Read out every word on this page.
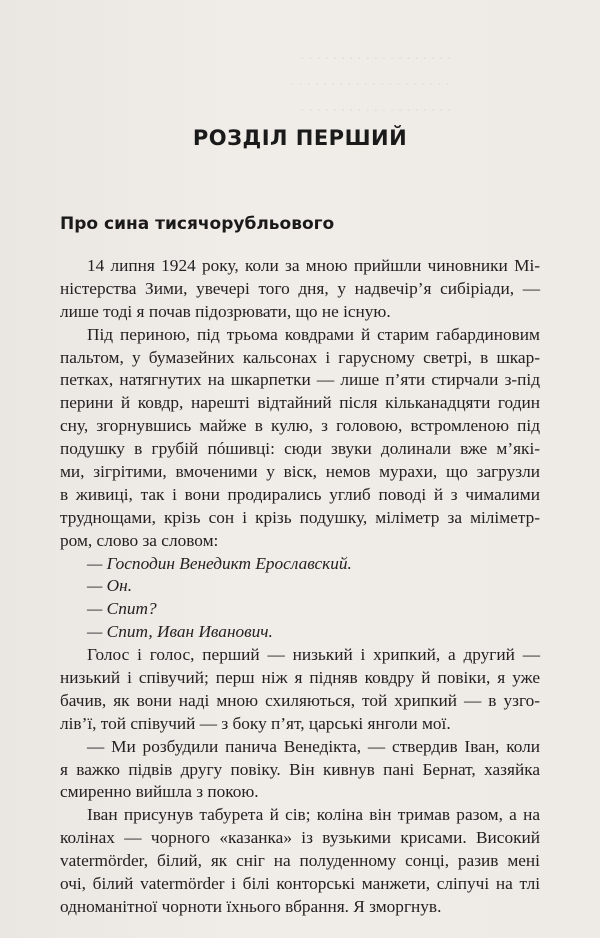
· · · · · · · · · · · · · · · · · · ·
· · · · · · · · · · · · · · · · · · · ·
· · · · · · · · · · · · · · · · · · ·
РОЗДІЛ ПЕРШИЙ
Про сина тисячорубльового
14 липня 1924 року, коли за мною прийшли чиновники Мі-
ністерства Зими, увечері того дня, у надвечір’я сибіріади, —
лише тоді я почав підозрювати, що не існую.
Під периною, під трьома ковдрами й старим габардиновим
пальтом, у бумазейних кальсонах і гарусному светрі, в шкар-
петках, натягнутих на шкарпетки — лише п’яти стирчали з-під
перини й ковдр, нарешті відтайний після кільканадцяти годин
сну, згорнувшись майже в кулю, з головою, встромленою під
подушку в грубій пóшивці: сюди звуки долинали вже м’які-
ми, зігрітими, вмоченими у віск, немов мурахи, що загрузли
в живиці, так і вони продирались углиб поводі й з чималими
труднощами, крізь сон і крізь подушку, міліметр за міліметр-
ром, слово за словом:
— Господин Венедикт Ерославский.
— Он.
— Спит?
— Спит, Иван Иванович.
Голос і голос, перший — низький і хрипкий, а другий —
низький і співучий; перш ніж я підняв ковдру й повіки, я уже
бачив, як вони наді мною схиляються, той хрипкий — в узго-
лів’ї, той співучий — з боку п’ят, царські янголи мої.
— Ми розбудили панича Венедікта, — ствердив Іван, коли
я важко підвів другу повіку. Він кивнув пані Бернат, хазяйка
смиренно вийшла з покою.
Іван присунув табурета й сів; коліна він тримав разом, а на
колінах — чорного «казанка» із вузькими крисами. Високий
vatermörder, білий, як сніг на полуденному сонці, разив мені
очі, білий vatermörder і білі конторські манжети, сліпучі на тлі
одноманітної чорноти їхнього вбрання. Я зморгнув.
